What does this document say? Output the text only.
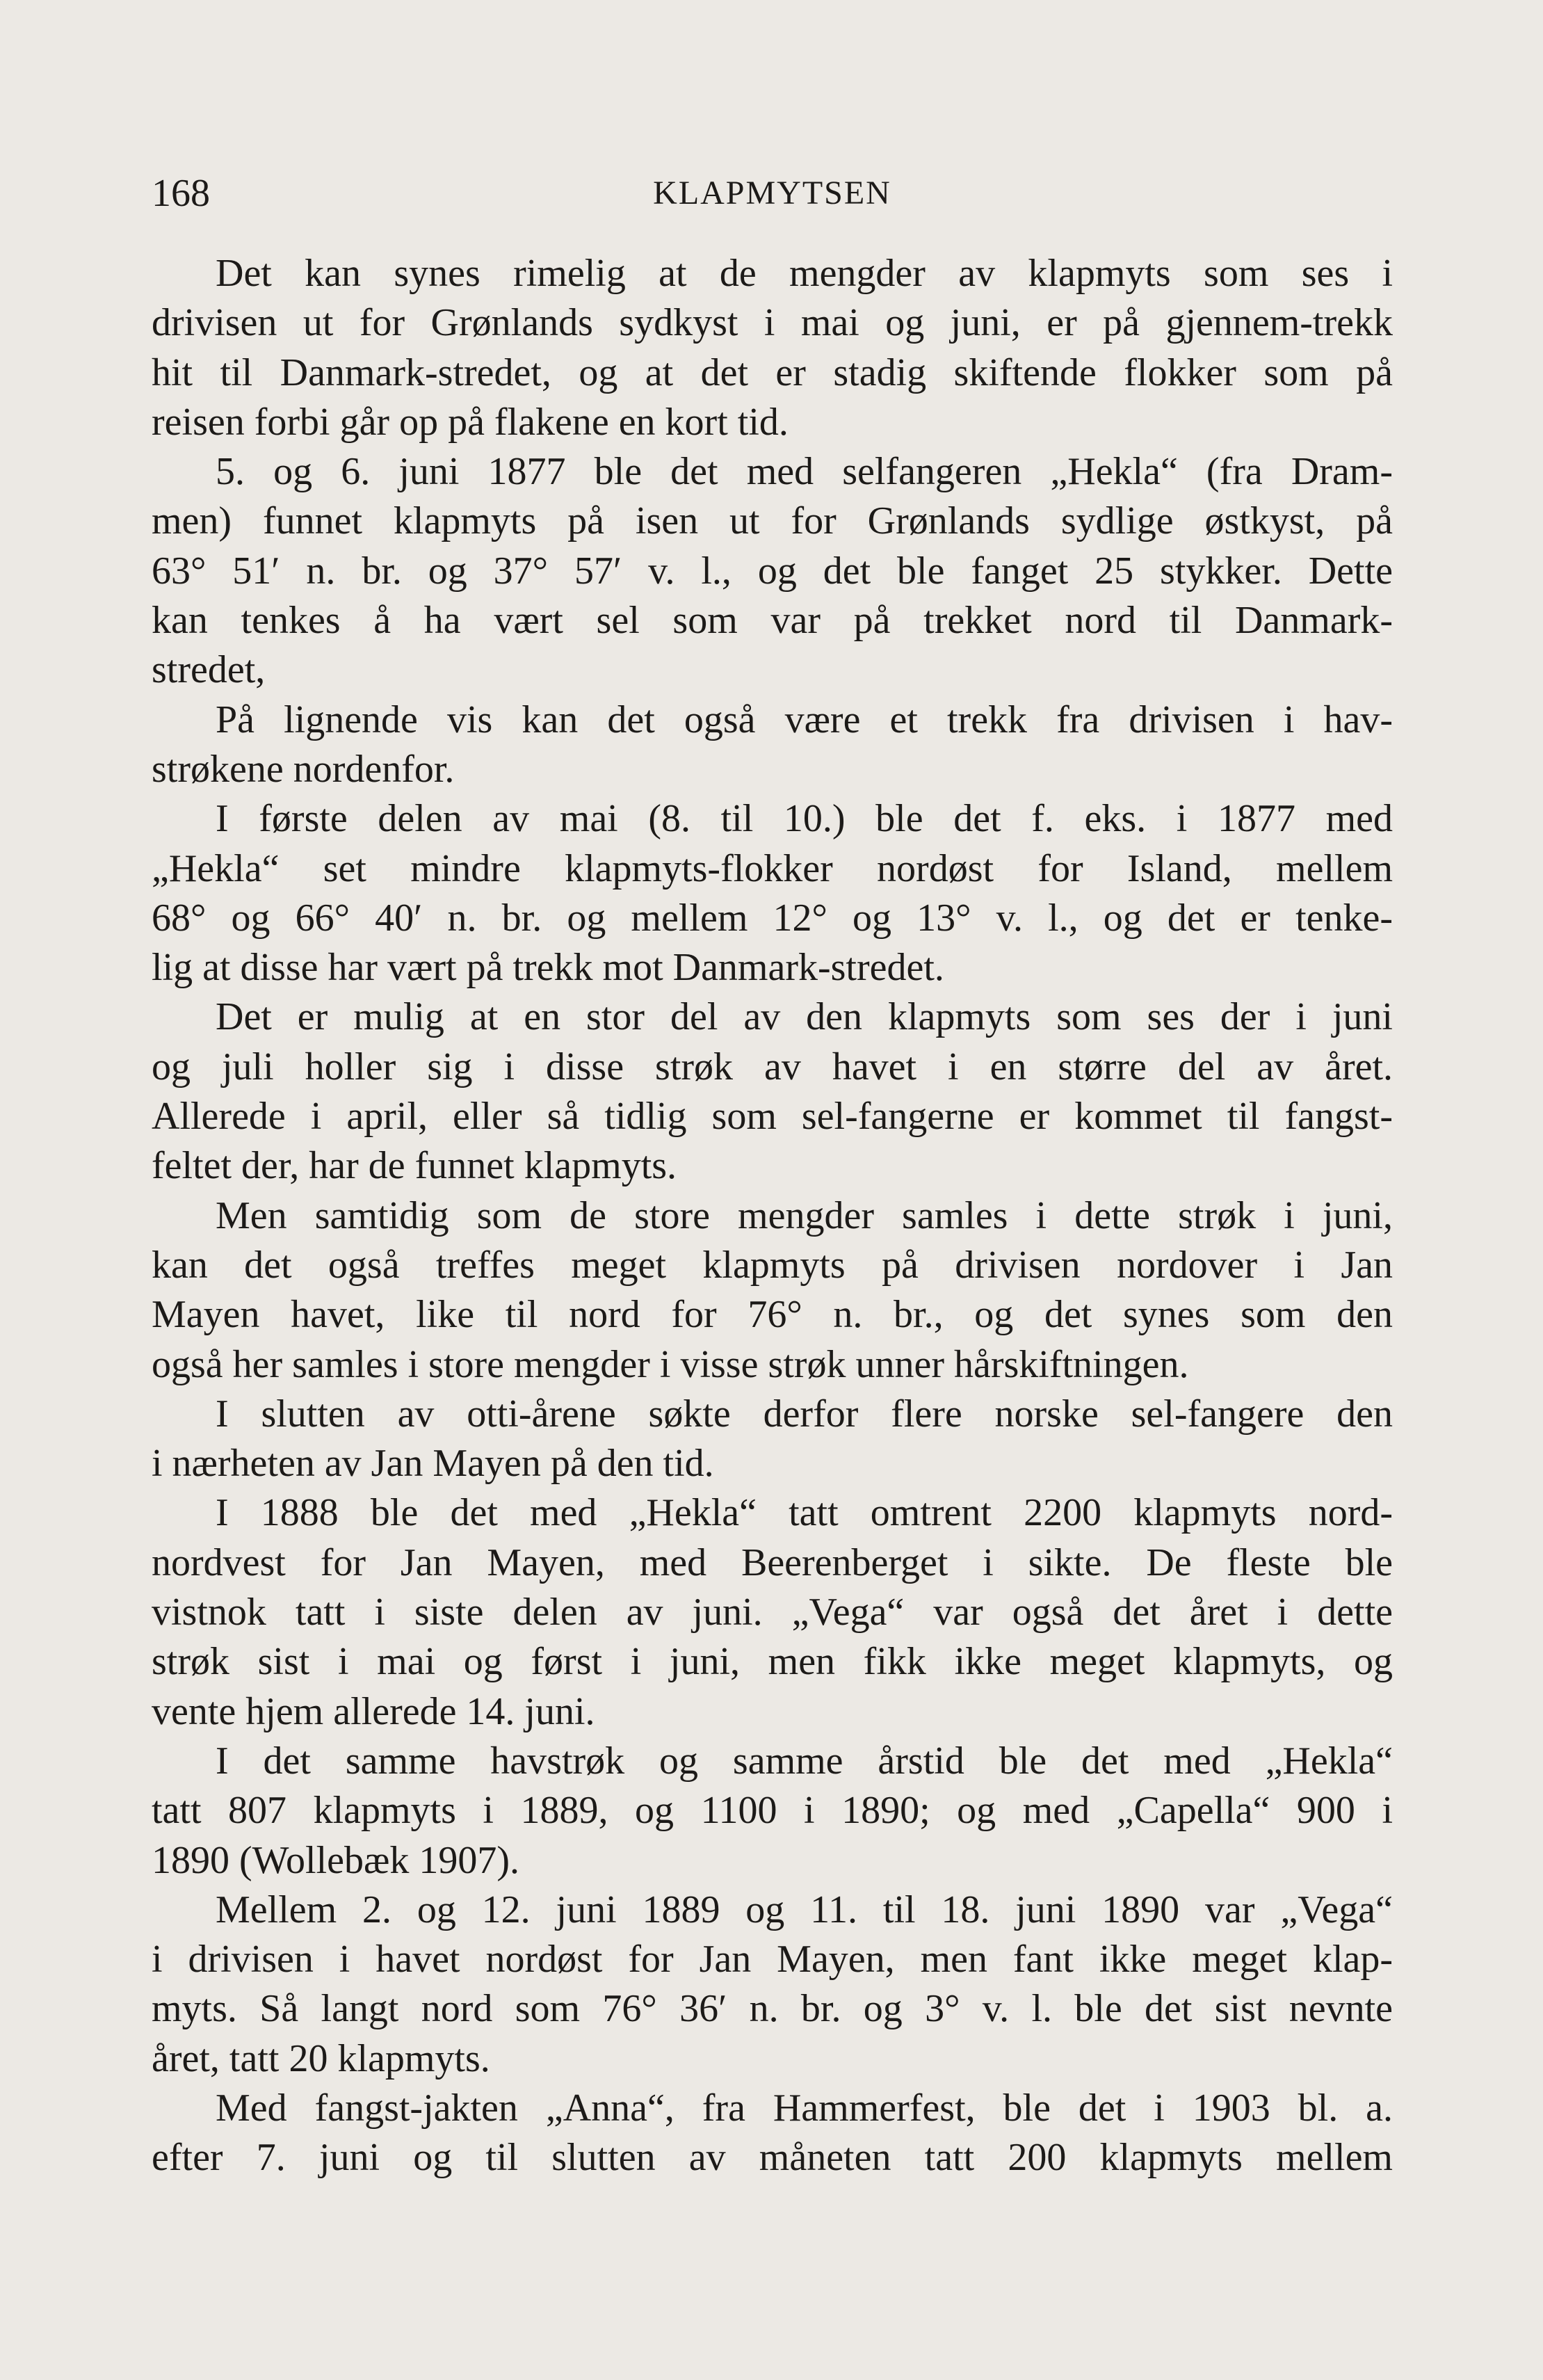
168	KLAPMYTSEN
Det kan synes rimelig at de mengder av klapmyts som ses i
drivisen ut for Grønlands sydkyst i mai og juni, er på gjennem-trekk
hit til Danmark-stredet, og at det er stadig skiftende flokker som på
reisen forbi går op på flakene en kort tid.
5. og 6. juni 1877 ble det med selfangeren „Hekla“ (fra Dram-
men) funnet klapmyts på isen ut for Grønlands sydlige østkyst, på
63° 51′ n. br. og 37° 57′ v. l., og det ble fanget 25 stykker. Dette
kan tenkes å ha vært sel som var på trekket nord til Danmark-
stredet,
På lignende vis kan det også være et trekk fra drivisen i hav-
strøkene nordenfor.
I første delen av mai (8. til 10.) ble det f. eks. i 1877 med
„Hekla“ set mindre klapmyts-flokker nordøst for Island, mellem
68° og 66° 40′ n. br. og mellem 12° og 13° v. l., og det er tenke-
lig at disse har vært på trekk mot Danmark-stredet.
Det er mulig at en stor del av den klapmyts som ses der i juni
og juli holler sig i disse strøk av havet i en større del av året.
Allerede i april, eller så tidlig som sel-fangerne er kommet til fangst-
feltet der, har de funnet klapmyts.
Men samtidig som de store mengder samles i dette strøk i juni,
kan det også treffes meget klapmyts på drivisen nordover i Jan
Mayen havet, like til nord for 76° n. br., og det synes som den
også her samles i store mengder i visse strøk unner hårskiftningen.
I slutten av otti-årene søkte derfor flere norske sel-fangere den
i nærheten av Jan Mayen på den tid.
I 1888 ble det med „Hekla“ tatt omtrent 2200 klapmyts nord-
nordvest for Jan Mayen, med Beerenberget i sikte. De fleste ble
vistnok tatt i siste delen av juni. „Vega“ var også det året i dette
strøk sist i mai og først i juni, men fikk ikke meget klapmyts, og
vente hjem allerede 14. juni.
I det samme havstrøk og samme årstid ble det med „Hekla“
tatt 807 klapmyts i 1889, og 1100 i 1890; og med „Capella“ 900 i
1890 (Wollebæk 1907).
Mellem 2. og 12. juni 1889 og 11. til 18. juni 1890 var „Vega“
i drivisen i havet nordøst for Jan Mayen, men fant ikke meget klap-
myts. Så langt nord som 76° 36′ n. br. og 3° v. l. ble det sist nevnte
året, tatt 20 klapmyts.
Med fangst-jakten „Anna“, fra Hammerfest, ble det i 1903 bl. a.
efter 7. juni og til slutten av måneten tatt 200 klapmyts mellem
